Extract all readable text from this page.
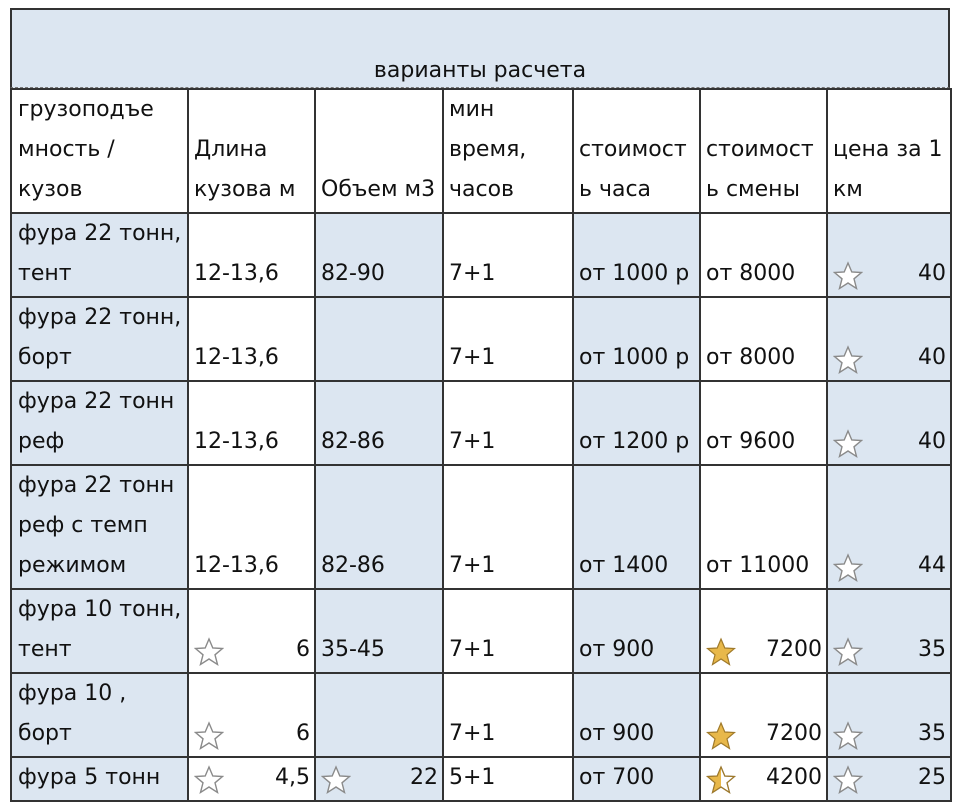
варианты расчета
грузоподъе мность / кузов	Длина кузова м	Объем м3	мин время, часов	стоимост ь часа	стоимост ь смены	цена за 1 км
фура 22 тонн, тент	12-13,6	82-90	7+1	от 1000 р	от 8000	40

фура 22 тонн, борт	12-13,6		7+1	от 1000 р	от 8000	40

фура 22 тонн реф	12-13,6	82-86	7+1	от 1200 р	от 9600	40

фура 22 тонн реф с темп режимом	12-13,6	82-86	7+1	от 1400	от 11000	44

фура 10 тонн, тент	6	35-45	7+1	от 900	7200	35

фура 10 , борт	6		7+1	от 900	7200	35

фура 5 тонн	4,5	22	5+1	от 700	4200	25
